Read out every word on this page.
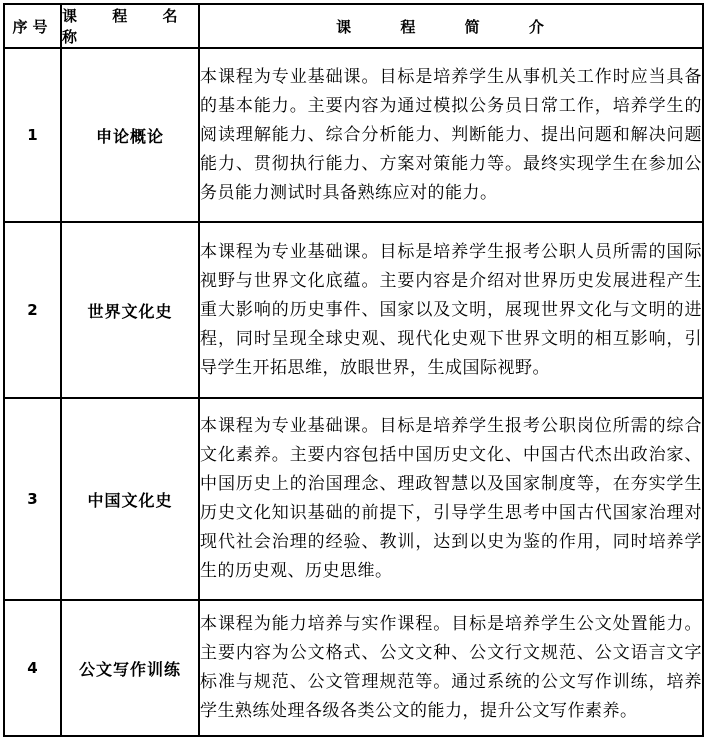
序号	课 程 名 称	课 程 简 介
1	申论概论	本课程为专业基础课。目标是培养学生从事机关工作时应当具备的基本能力。主要内容为通过模拟公务员日常工作，培养学生的阅读理解能力、综合分析能力、判断能力、提出问题和解决问题能力、贯彻执行能力、方案对策能力等。最终实现学生在参加公务员能力测试时具备熟练应对的能力。
2	世界文化史	本课程为专业基础课。目标是培养学生报考公职人员所需的国际视野与世界文化底蕴。主要内容是介绍对世界历史发展进程产生重大影响的历史事件、国家以及文明，展现世界文化与文明的进程，同时呈现全球史观、现代化史观下世界文明的相互影响，引导学生开拓思维，放眼世界，生成国际视野。
3	中国文化史	本课程为专业基础课。目标是培养学生报考公职岗位所需的综合文化素养。主要内容包括中国历史文化、中国古代杰出政治家、中国历史上的治国理念、理政智慧以及国家制度等，在夯实学生历史文化知识基础的前提下，引导学生思考中国古代国家治理对现代社会治理的经验、教训，达到以史为鉴的作用，同时培养学生的历史观、历史思维。
4	公文写作训练	本课程为能力培养与实作课程。目标是培养学生公文处置能力。主要内容为公文格式、公文文种、公文行文规范、公文语言文字标准与规范、公文管理规范等。通过系统的公文写作训练，培养学生熟练处理各级各类公文的能力，提升公文写作素养。
